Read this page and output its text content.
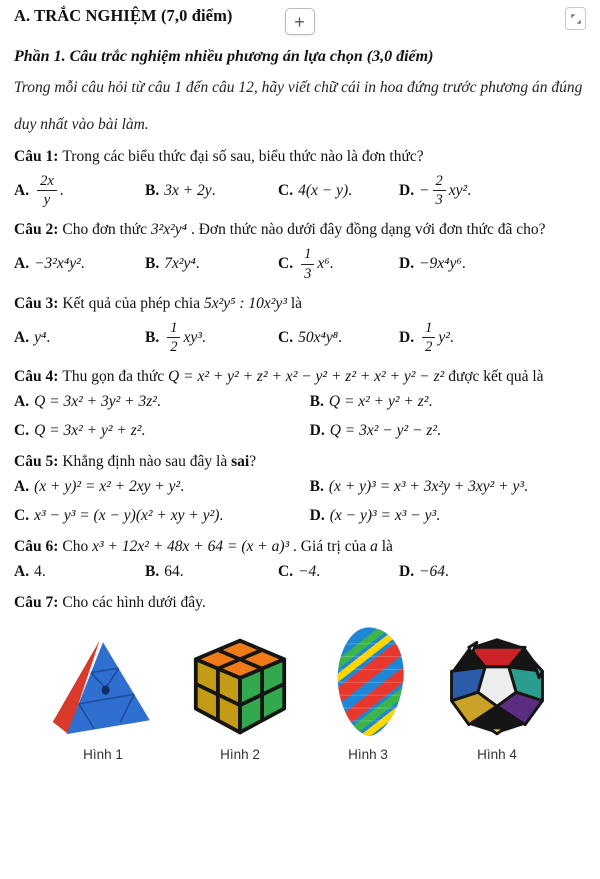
A. TRẮC NGHIỆM (7,0 điểm)	+
Phần 1. Câu trắc nghiệm nhiều phương án lựa chọn (3,0 điểm)
Trong mỗi câu hỏi từ câu 1 đến câu 12, hãy viết chữ cái in hoa đứng trước phương án đúng
duy nhất vào bài làm.
Câu 1: Trong các biểu thức đại số sau, biểu thức nào là đơn thức?
A. $\frac{2x}{y}$ .	B. 3x + 2y .	C. 4(x − y) .	D. − $\frac{2}{3} xy^2$ .
Câu 2: Cho đơn thức 3²x²y⁴ . Đơn thức nào dưới đây đồng dạng với đơn thức đã cho?
A. −3²x⁴y² .	B. 7x²y⁴ .	C. $\frac{1}{3} x^6$ .	D. −9x⁴y⁶ .
Câu 3: Kết quả của phép chia 5x²y⁵ : 10x²y³ là
A. y⁴ .	B. $\frac{1}{2} xy^3$ .	C. 50x⁴y⁸ .	D. $\frac{1}{2} y^2$ .
Câu 4: Thu gọn đa thức Q = x² + y² + z² + x² − y² + z² + x² + y² − z² được kết quả là
A. Q = 3x² + 3y² + 3z² .	B. Q = x² + y² + z² .
C. Q = 3x² + y² + z² .	D. Q = 3x² − y² − z² .
Câu 5: Khẳng định nào sau đây là sai?
A. (x + y)² = x² + 2xy + y² .	B. (x + y)³ = x³ + 3x²y + 3xy² + y³ .
C. x³ − y³ = (x − y)(x² + xy + y²) .	D. (x − y)³ = x³ − y³ .
Câu 6: Cho x³ + 12x² + 48x + 64 = (x + a)³ . Giá trị của a là
A. 4.	B. 64.	C. −4 .	D. −64 .
Câu 7: Cho các hình dưới đây.
Hình 1	Hình 2	Hình 3	Hình 4
